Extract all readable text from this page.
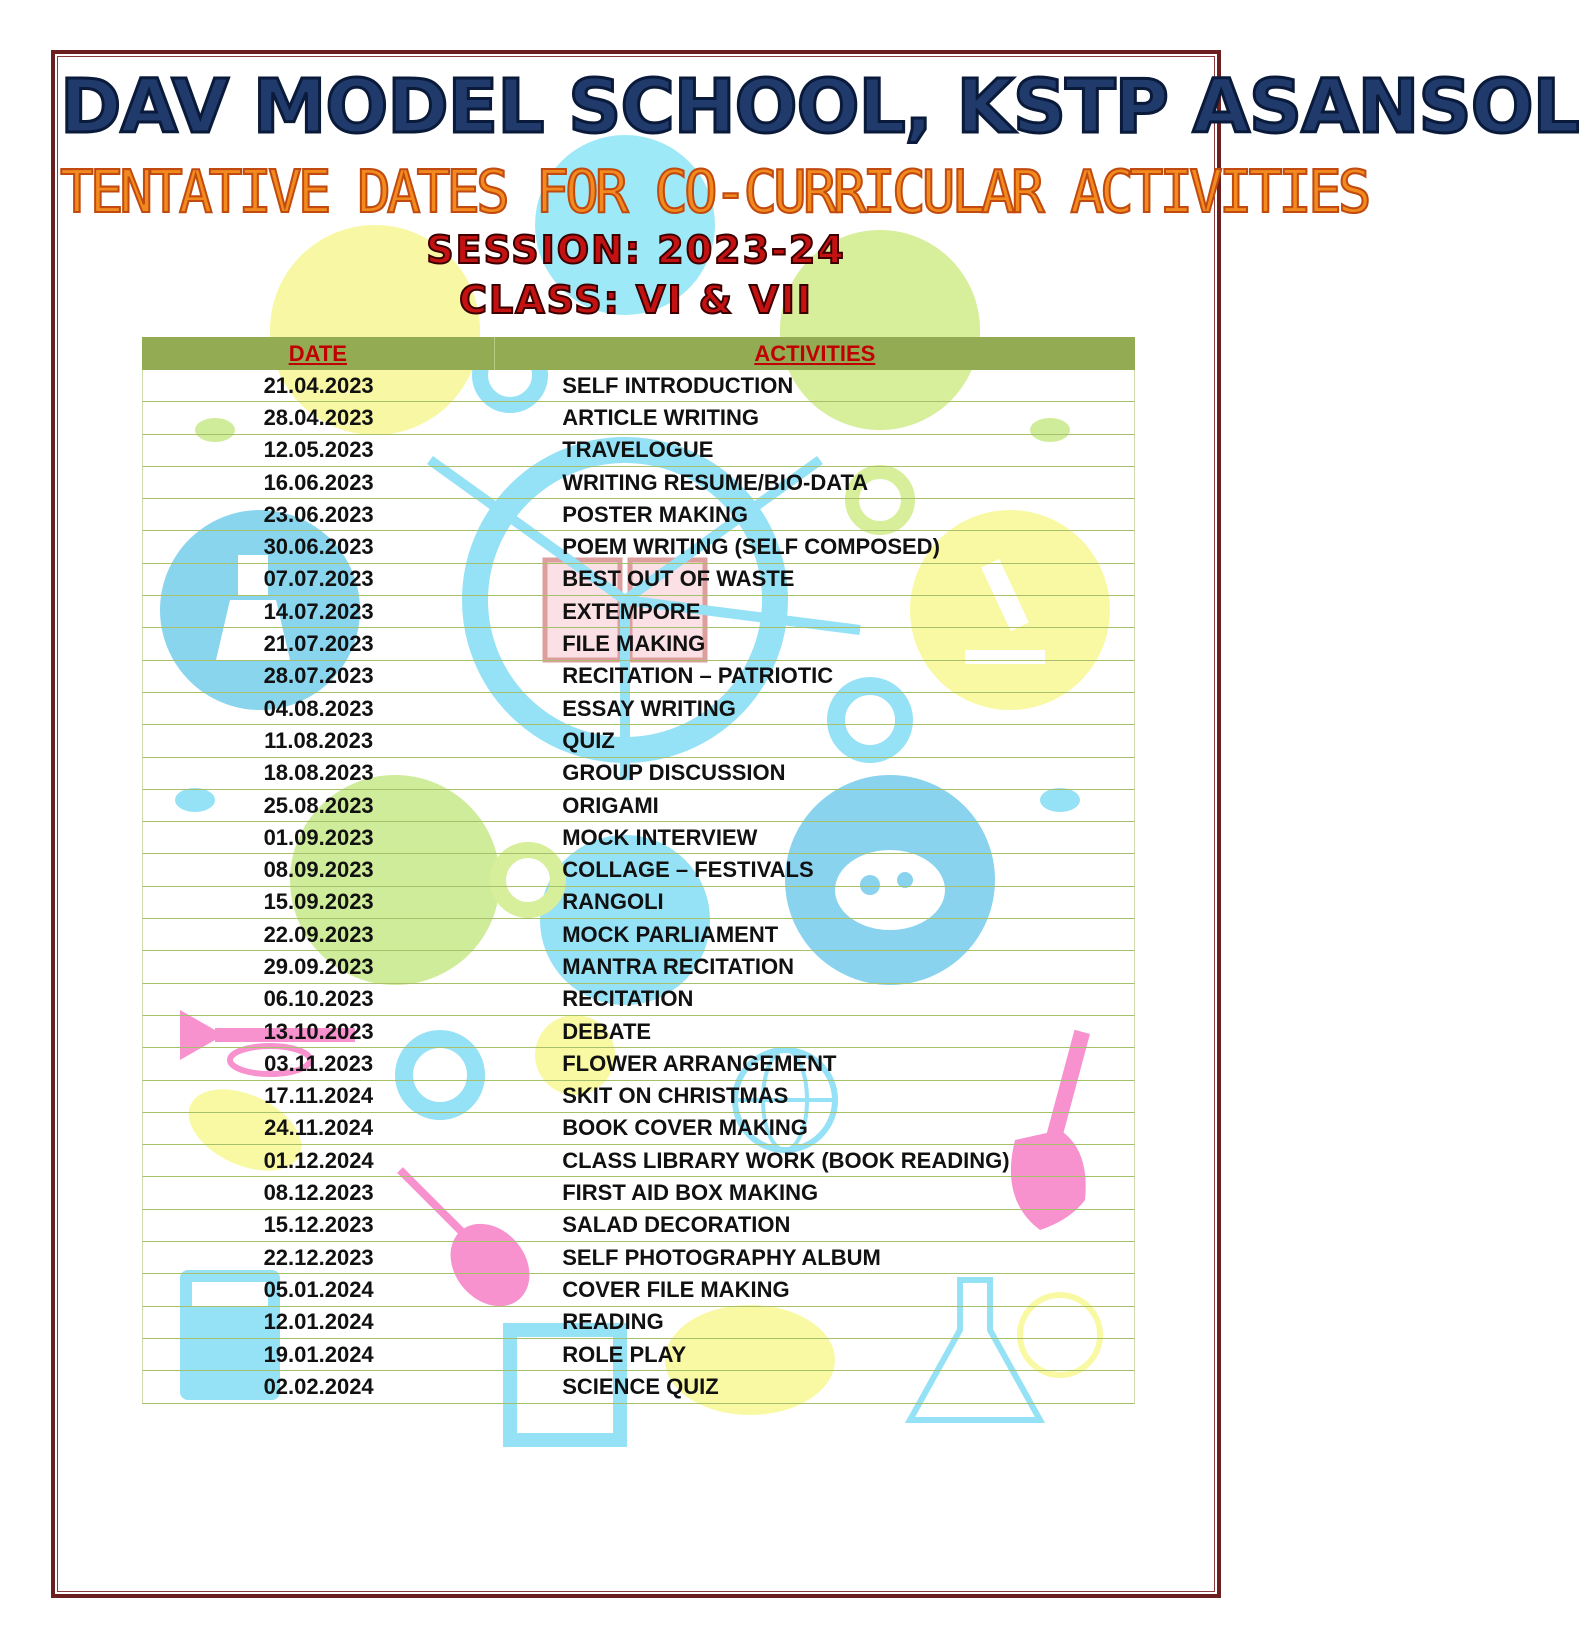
DAV MODEL SCHOOL, KSTP ASANSOL
TENTATIVE DATES FOR CO-CURRICULAR ACTIVITIES
SESSION: 2023-24
CLASS: VI & VII
DATE	ACTIVITIES
21.04.2023	SELF INTRODUCTION
28.04.2023	ARTICLE WRITING
12.05.2023	TRAVELOGUE
16.06.2023	WRITING RESUME/BIO-DATA
23.06.2023	POSTER MAKING
30.06.2023	POEM WRITING (SELF COMPOSED)
07.07.2023	BEST OUT OF WASTE
14.07.2023	EXTEMPORE
21.07.2023	FILE MAKING
28.07.2023	RECITATION – PATRIOTIC
04.08.2023	ESSAY WRITING
11.08.2023	QUIZ
18.08.2023	GROUP DISCUSSION
25.08.2023	ORIGAMI
01.09.2023	MOCK INTERVIEW
08.09.2023	COLLAGE – FESTIVALS
15.09.2023	RANGOLI
22.09.2023	MOCK PARLIAMENT
29.09.2023	MANTRA RECITATION
06.10.2023	RECITATION
13.10.2023	DEBATE
03.11.2023	FLOWER ARRANGEMENT
17.11.2024	SKIT ON CHRISTMAS
24.11.2024	BOOK COVER MAKING
01.12.2024	CLASS LIBRARY WORK (BOOK READING)
08.12.2023	FIRST AID BOX MAKING
15.12.2023	SALAD DECORATION
22.12.2023	SELF PHOTOGRAPHY ALBUM
05.01.2024	COVER FILE MAKING
12.01.2024	READING
19.01.2024	ROLE PLAY
02.02.2024	SCIENCE QUIZ
